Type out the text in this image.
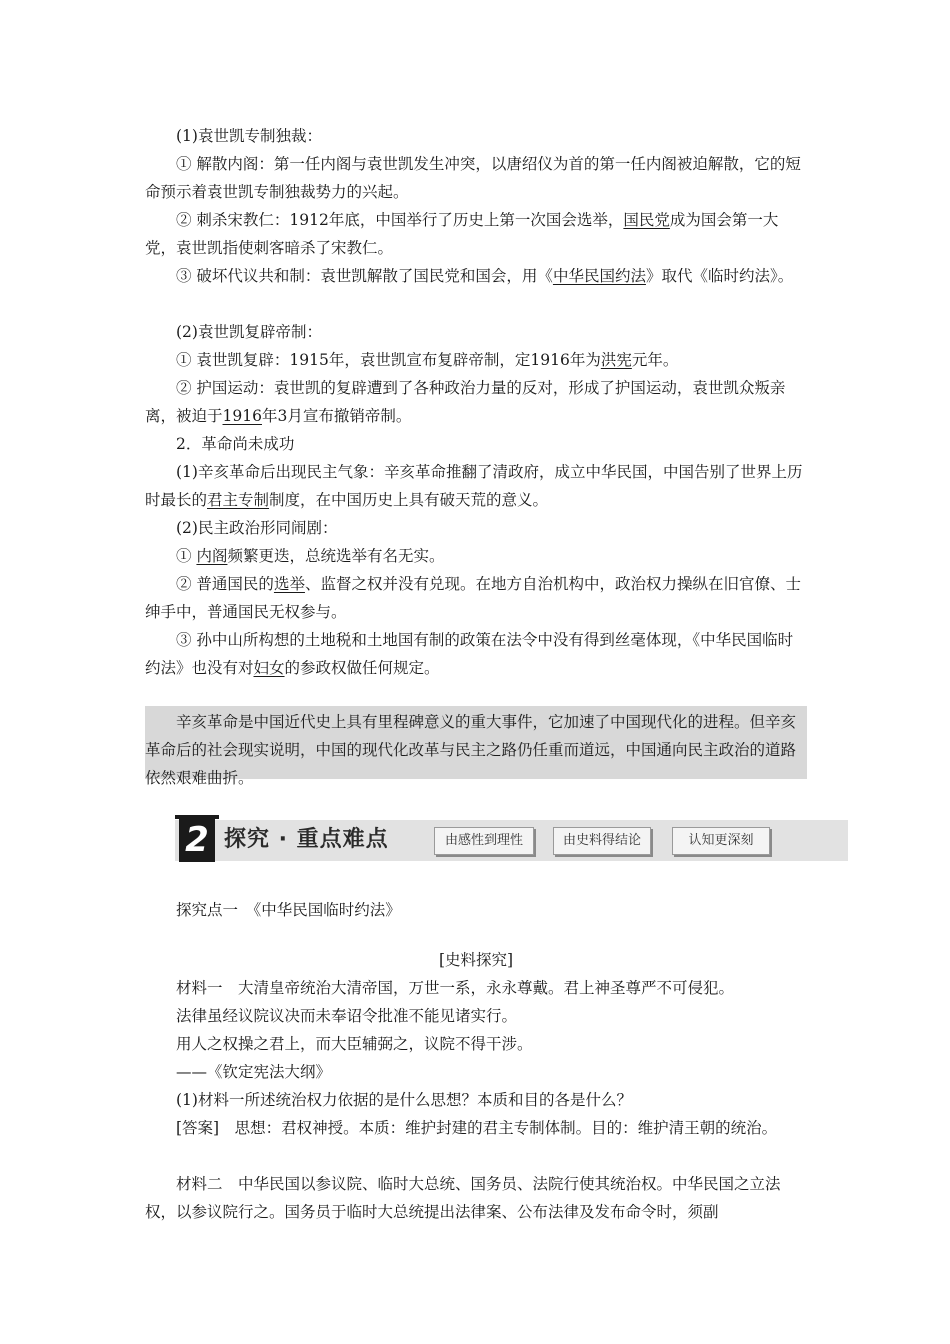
(1)袁世凯专制独裁：

① 解散内阁：第一任内阁与袁世凯发生冲突，以唐绍仪为首的第一任内阁被迫解散，它的短命预示着袁世凯专制独裁势力的兴起。

② 刺杀宋教仁：1912年底，中国举行了历史上第一次国会选举，国民党成为国会第一大党，袁世凯指使刺客暗杀了宋教仁。

③ 破坏代议共和制：袁世凯解散了国民党和国会，用《中华民国约法》取代《临时约法》。

(2)袁世凯复辟帝制：

① 袁世凯复辟：1915年，袁世凯宣布复辟帝制，定1916年为洪宪元年。

② 护国运动：袁世凯的复辟遭到了各种政治力量的反对，形成了护国运动，袁世凯众叛亲离，被迫于1916年3月宣布撤销帝制。

2．革命尚未成功

(1)辛亥革命后出现民主气象：辛亥革命推翻了清政府，成立中华民国，中国告别了世界上历时最长的君主专制制度，在中国历史上具有破天荒的意义。

(2)民主政治形同闹剧：

① 内阁频繁更迭，总统选举有名无实。

② 普通国民的选举、监督之权并没有兑现。在地方自治机构中，政治权力操纵在旧官僚、士绅手中，普通国民无权参与。

③ 孙中山所构想的土地税和土地国有制的政策在法令中没有得到丝毫体现，《中华民国临时约法》也没有对妇女的参政权做任何规定。

辛亥革命是中国近代史上具有里程碑意义的重大事件，它加速了中国现代化的进程。但辛亥革命后的社会现实说明，中国的现代化改革与民主之路仍任重而道远，中国通向民主政治的道路依然艰难曲折。

2 探究 · 重点难点	由感性到理性	由史料得结论	认知更深刻

探究点一　《中华民国临时约法》

[史料探究]

材料一　大清皇帝统治大清帝国，万世一系，永永尊戴。君上神圣尊严不可侵犯。

法律虽经议院议决而未奉诏令批准不能见诸实行。

用人之权操之君上，而大臣辅弼之，议院不得干涉。

——《钦定宪法大纲》

(1)材料一所述统治权力依据的是什么思想？本质和目的各是什么？

[答案]　思想：君权神授。本质：维护封建的君主专制体制。目的：维护清王朝的统治。

材料二　中华民国以参议院、临时大总统、国务员、法院行使其统治权。中华民国之立法权，以参议院行之。国务员于临时大总统提出法律案、公布法律及发布命令时，须副
